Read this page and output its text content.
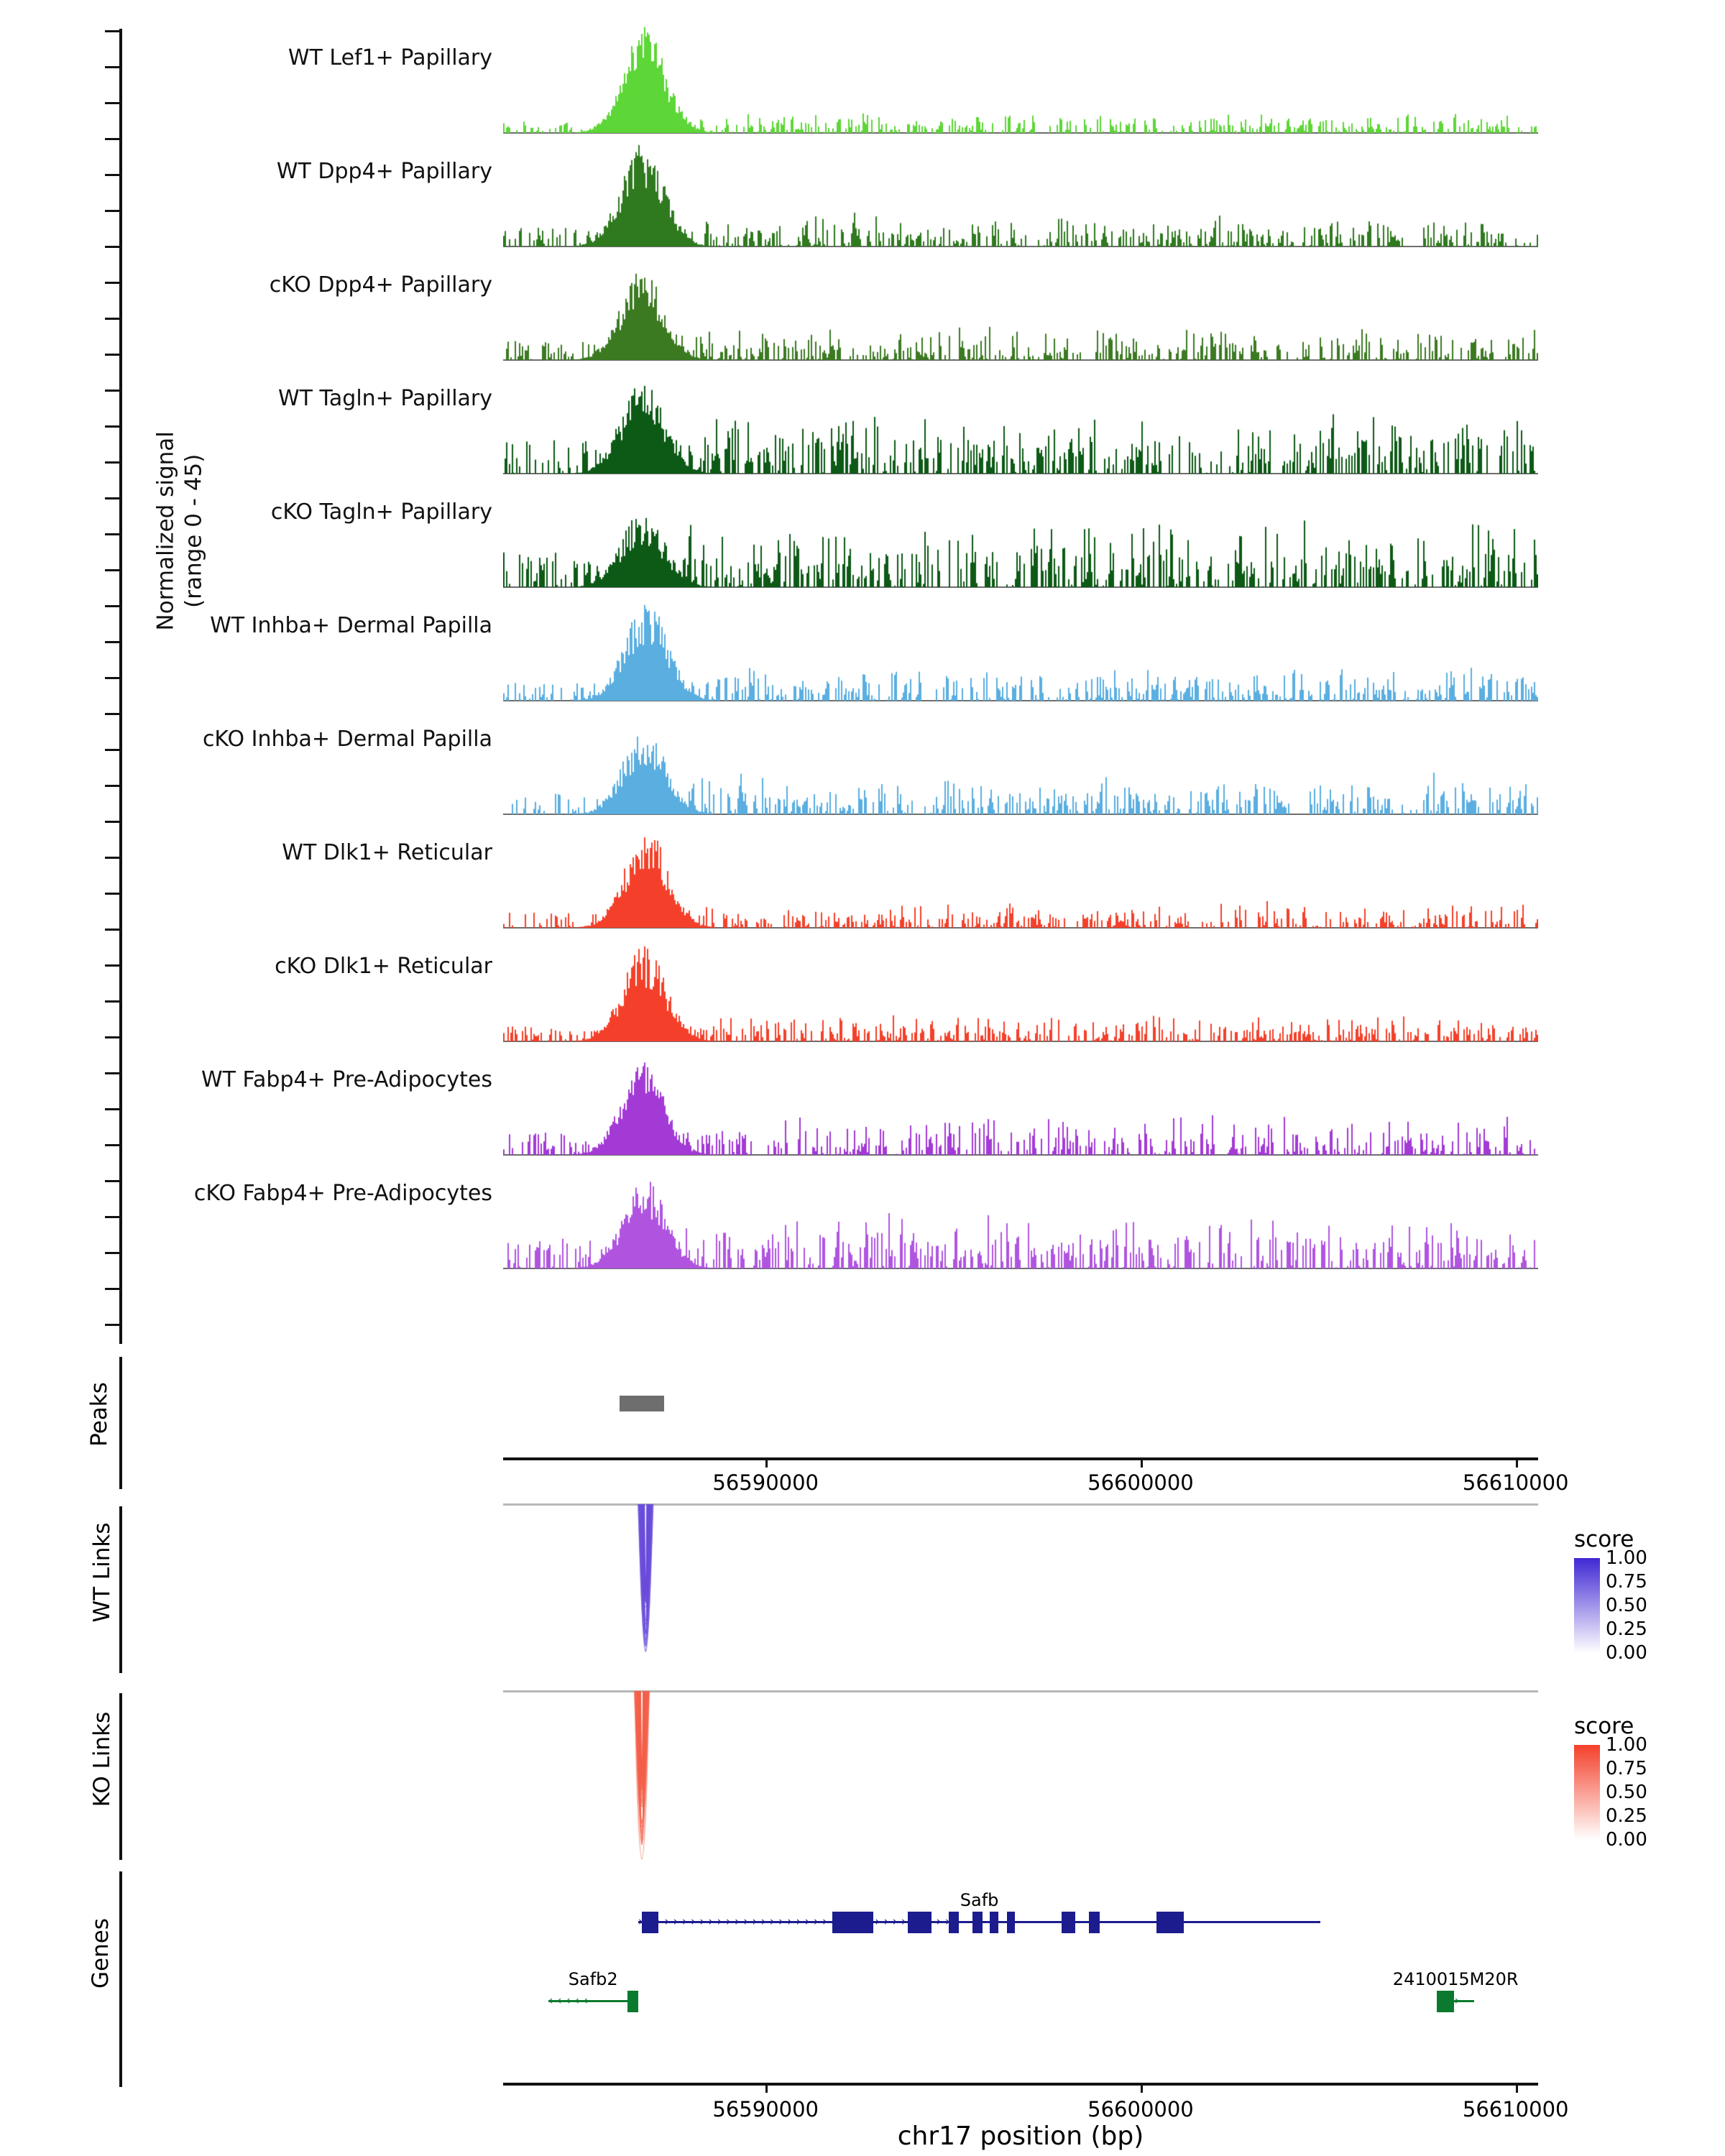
Normalized signal (range 0 - 45)
WT Lef1+ Papillary
WT Dpp4+ Papillary
cKO Dpp4+ Papillary
WT Tagln+ Papillary
cKO Tagln+ Papillary
WT Inhba+ Dermal Papilla
cKO Inhba+ Dermal Papilla
WT Dlk1+ Reticular
cKO Dlk1+ Reticular
WT Fabp4+ Pre-Adipocytes
cKO Fabp4+ Pre-Adipocytes
Peaks
56590000	56600000	56610000
WT Links	score
1.00
0.75
0.50
0.25
0.00
KO Links	score
1.00
0.75
0.50
0.25
0.00
Genes	› › › › › › › › › › › › › › › › › › › › › › › › › › › › › › › › › › › › ›
Safb
‹ ‹ ‹ ‹ ‹
Safb2
› › ›
2410015M20R
56590000	56600000	56610000
chr17 position (bp)
